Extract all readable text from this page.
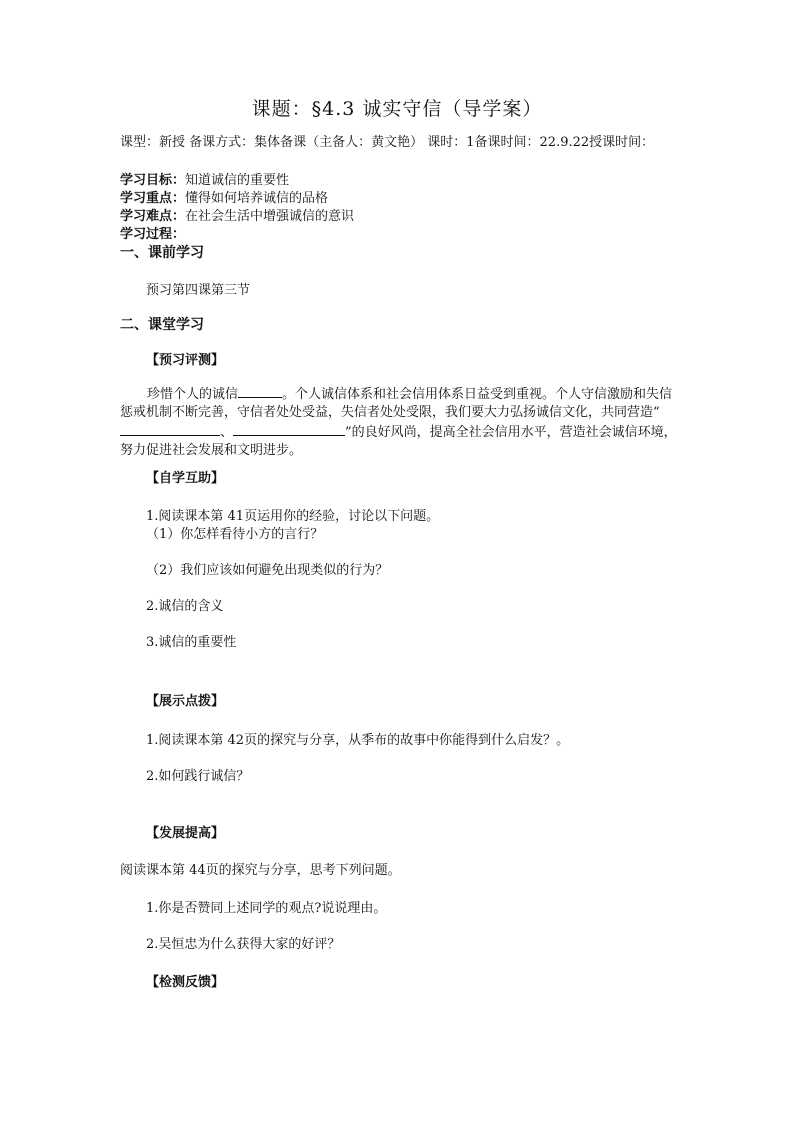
课题：§4.3 诚实守信（导学案）
课型：新授 备课方式：集体备课（主备人：黄文艳） 课时：1备课时间：22.9.22授课时间：
学习目标：知道诚信的重要性
学习重点：懂得如何培养诚信的品格
学习难点：在社会生活中增强诚信的意识
学习过程：
一、课前学习
预习第四课第三节
二、课堂学习
【预习评测】
珍惜个人的诚信	。个人诚信体系和社会信用体系日益受到重视。个人守信激励和失信惩戒机制不断完善，守信者处处受益，失信者处处受限，我们要大力弘扬诚信文化，共同营造“、	”的良好风尚，提高全社会信用水平，营造社会诚信环境，努力促进社会发展和文明进步。
【自学互助】
1.阅读课本第 41页运用你的经验，讨论以下问题。
（1）你怎样看待小方的言行？
（2）我们应该如何避免出现类似的行为？
2.诚信的含义
3.诚信的重要性
【展示点拨】
1.阅读课本第 42页的探究与分享，从季布的故事中你能得到什么启发？。
2.如何践行诚信？
【发展提高】
阅读课本第 44页的探究与分享，思考下列问题。
1.你是否赞同上述同学的观点?说说理由。
2.吴恒忠为什么获得大家的好评？
【检测反馈】
